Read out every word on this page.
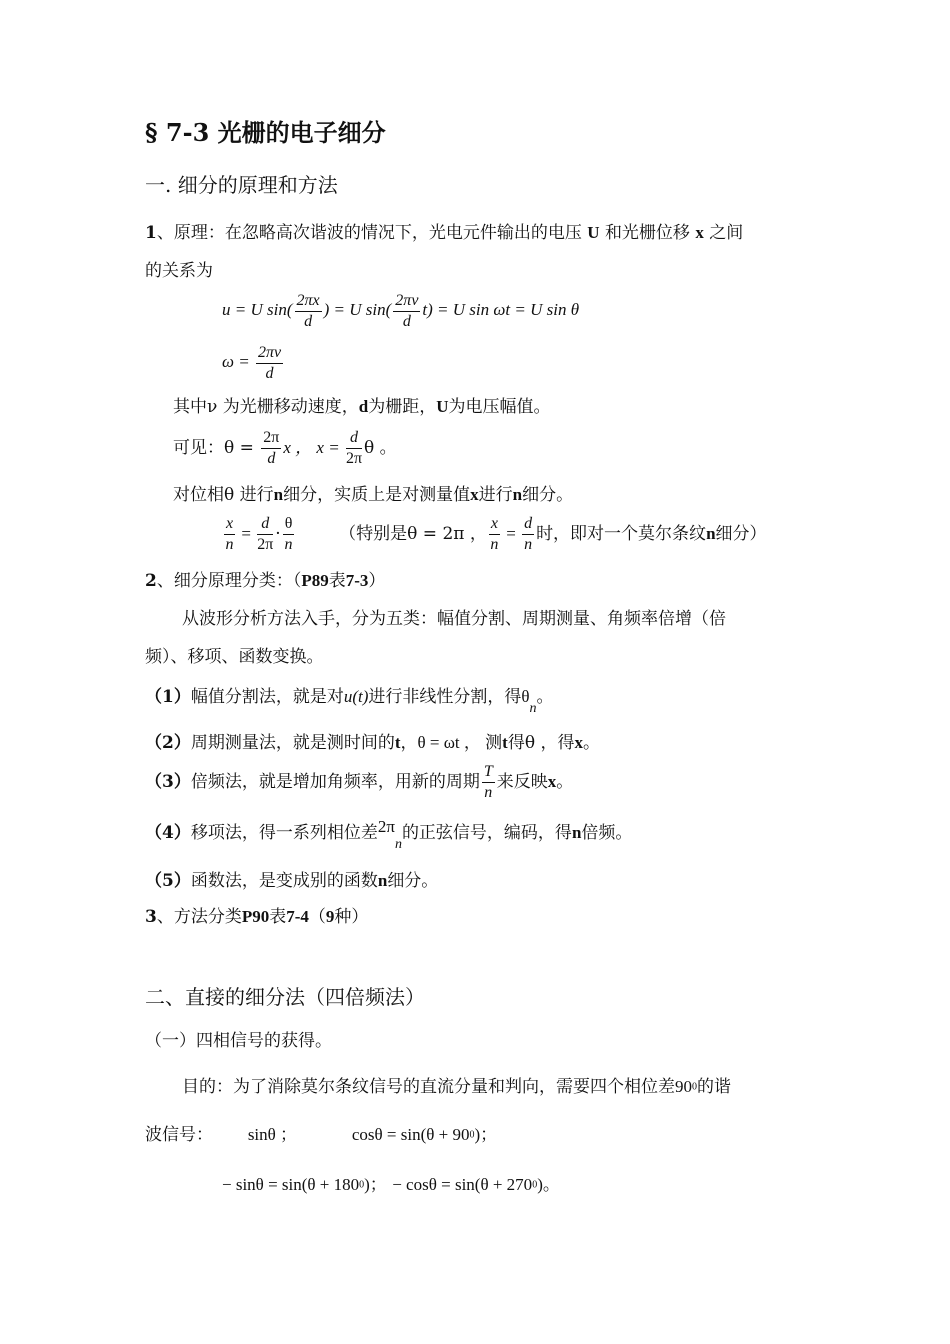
§ 7-3 光栅的电子细分
一. 细分的原理和方法
1、原理：在忽略高次谐波的情况下，光电元件输出的电压 U 和光栅位移 x 之间
的关系为
u = U $\sin( \frac{2\pi x}{d}$ ) = U $\sin( \frac{2\pi\nu}{d} t) = U$ sin ωt = U sin θ
$\omega = \frac{2\pi\nu}{d}$
其中ν 为光栅移动速度，d为栅距，U为电压幅值。
可见：$\theta = \frac{2\pi}{d}$ x ， $x = \frac{d}{2\pi}$ θ 。
对位相θ 进行n细分，实质上是对测量值x进行n细分。
$\frac{x}{n} = \frac{d}{2\pi} \cdot \frac{\theta}{n}$	（特别是θ = 2π ， $\frac{x}{n} = \frac{d}{n}$ 时，即对一个莫尔条纹n细分）
2、细分原理分类：（P89表7-3）
从波形分析方法入手，分为五类：幅值分割、周期测量、角频率倍增（倍
频）、移项、函数变换。
（1）幅值分割法，就是对u(t)进行非线性分割，得$\theta_n$。
（2）周期测量法，就是测时间的t，θ = ωt ， 测t得θ ，得x。
（3）倍频法，就是增加角频率，用新的周期 $\frac{T}{n}$ 来反映x。
（4）移项法，得一系列相位差$2\pi_n$的正弦信号，编码，得n倍频。
（5）函数法，是变成别的函数n细分。
3、方法分类P90表7-4（9种）
二、直接的细分法（四倍频法）
（一）四相信号的获得。
目的：为了消除莫尔条纹信号的直流分量和判向，需要四个相位差900的谐
波信号： sinθ ；	cosθ = sin(θ + 900)；
− sinθ = sin(θ + 1800)； − cosθ = sin(θ + 2700)。
